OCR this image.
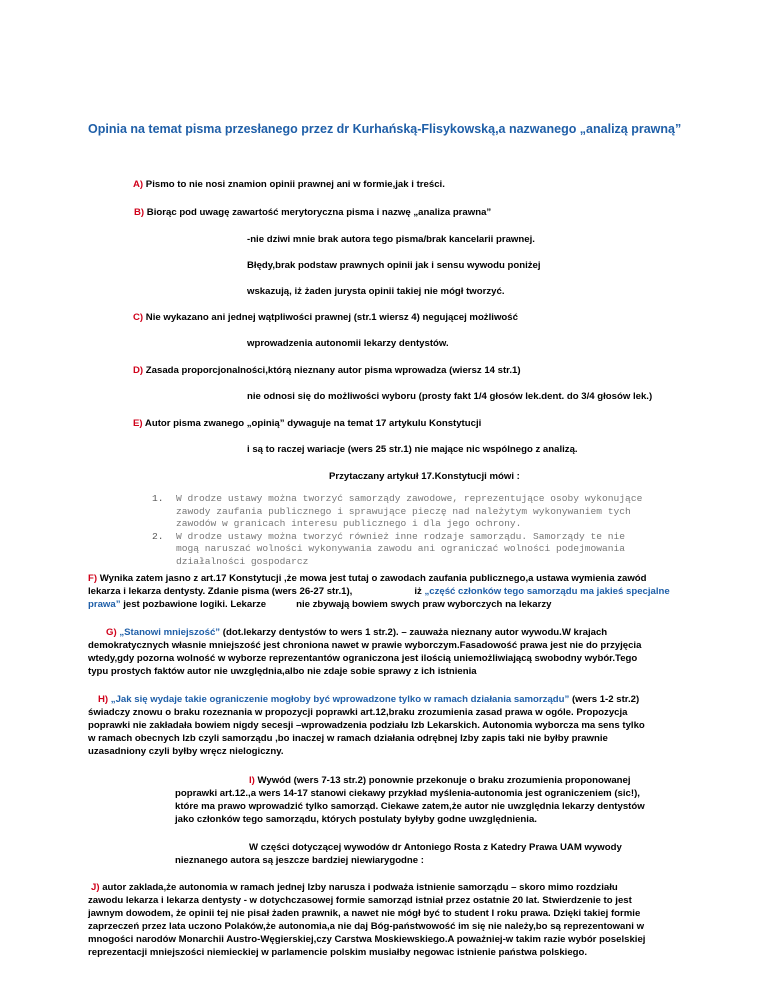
Opinia na temat pisma przesłanego przez dr Kurhańską-Flisykowską,a nazwanego „analizą prawną”

A) Pismo to nie nosi znamion opinii prawnej ani w formie,jak i treści.

B) Biorąc pod uwagę zawartość merytoryczna pisma i nazwę „analiza prawna”

-nie dziwi mnie brak autora tego pisma/brak kancelarii prawnej.

Błędy,brak podstaw prawnych opinii jak i sensu wywodu poniżej

wskazują, iż żaden jurysta opinii takiej nie mógł tworzyć.

C) Nie wykazano ani jednej wątpliwości prawnej (str.1 wiersz 4) negującej możliwość

wprowadzenia autonomii lekarzy dentystów.

D) Zasada proporcjonalności,którą nieznany autor pisma wprowadza (wiersz 14 str.1)

nie odnosi się do możliwości wyboru (prosty fakt 1/4 głosów lek.dent. do 3/4 głosów lek.)

E) Autor pisma zwanego „opinią” dywaguje na temat 17 artykulu Konstytucji

i są to raczej wariacje (wers 25 str.1) nie mające nic wspólnego z analizą.

Przytaczany artykuł 17.Konstytucji mówi :

1. W drodze ustawy można tworzyć samorządy zawodowe, reprezentujące osoby wykonujące
zawody zaufania publicznego i sprawujące pieczę nad należytym wykonywaniem tych
zawodów w granicach interesu publicznego i dla jego ochrony.
2. W drodze ustawy można tworzyć również inne rodzaje samorządu. Samorządy te nie
mogą naruszać wolności wykonywania zawodu ani ograniczać wolności podejmowania
działalności gospodarcz

F) Wynika zatem jasno z art.17 Konstytucji ,że mowa jest tutaj o zawodach zaufania publicznego,a ustawa wymienia zawód
lekarza i lekarza dentysty. Zdanie pisma (wers 26-27 str.1),	iż „część członków tego samorządu ma jakieś specjalne
prawa” jest pozbawione logiki. Lekarze	nie zbywają bowiem swych praw wyborczych na lekarzy

G) „Stanowi mniejszość” (dot.lekarzy dentystów to wers 1 str.2). – zauważa nieznany autor wywodu.W krajach
demokratycznych własnie mniejszość jest chroniona nawet w prawie wyborczym.Fasadowość prawa jest nie do przyjęcia
wtedy,gdy pozorna wolność w wyborze reprezentantów ograniczona jest ilością uniemożliwiającą swobodny wybór.Tego
typu prostych faktów autor nie uwzględnia,albo nie zdaje sobie sprawy z ich istnienia

H) „Jak się wydaje takie ograniczenie mogłoby być wprowadzone tylko w ramach działania samorządu” (wers 1-2 str.2)
świadczy znowu o braku rozeznania w propozycji poprawki art.12,braku zrozumienia zasad prawa w ogóle. Propozycja
poprawki nie zakładała bowiem nigdy secesji –wprowadzenia podziału Izb Lekarskich. Autonomia wyborcza ma sens tylko
w ramach obecnych Izb czyli samorządu ,bo inaczej w ramach działania odrębnej Izby zapis taki nie byłby prawnie
uzasadniony czyli byłby wręcz nielogiczny.

I) Wywód (wers 7-13 str.2) ponownie przekonuje o braku zrozumienia proponowanej
poprawki art.12.,a wers 14-17 stanowi ciekawy przykład myślenia-autonomia jest ograniczeniem (sic!),
które ma prawo wprowadzić tylko samorząd. Ciekawe zatem,że autor nie uwzględnia lekarzy dentystów
jako członków tego samorządu, których postulaty byłyby godne uwzględnienia.

W części dotyczącej wywodów dr Antoniego Rosta z Katedry Prawa UAM wywody
nieznanego autora są jeszcze bardziej niewiarygodne :

J) autor zaklada,że autonomia w ramach jednej Izby narusza i podważa istnienie samorządu – skoro mimo rozdziału
zawodu lekarza i lekarza dentysty - w dotychczasowej formie samorząd istniał przez ostatnie 20 lat. Stwierdzenie to jest
jawnym dowodem, że opinii tej nie pisał żaden prawnik, a nawet nie mógł być to student I roku prawa. Dzięki takiej formie
zaprzeczeń przez lata uczono Polaków,że autonomia,a nie daj Bóg-państwowość im się nie należy,bo są reprezentowani w
mnogości narodów Monarchii Austro-Węgierskiej,czy Carstwa Moskiewskiego.A poważniej-w takim razie wybór poselskiej
reprezentacji mniejszości niemieckiej w parlamencie polskim musiałby negowac istnienie państwa polskiego.
